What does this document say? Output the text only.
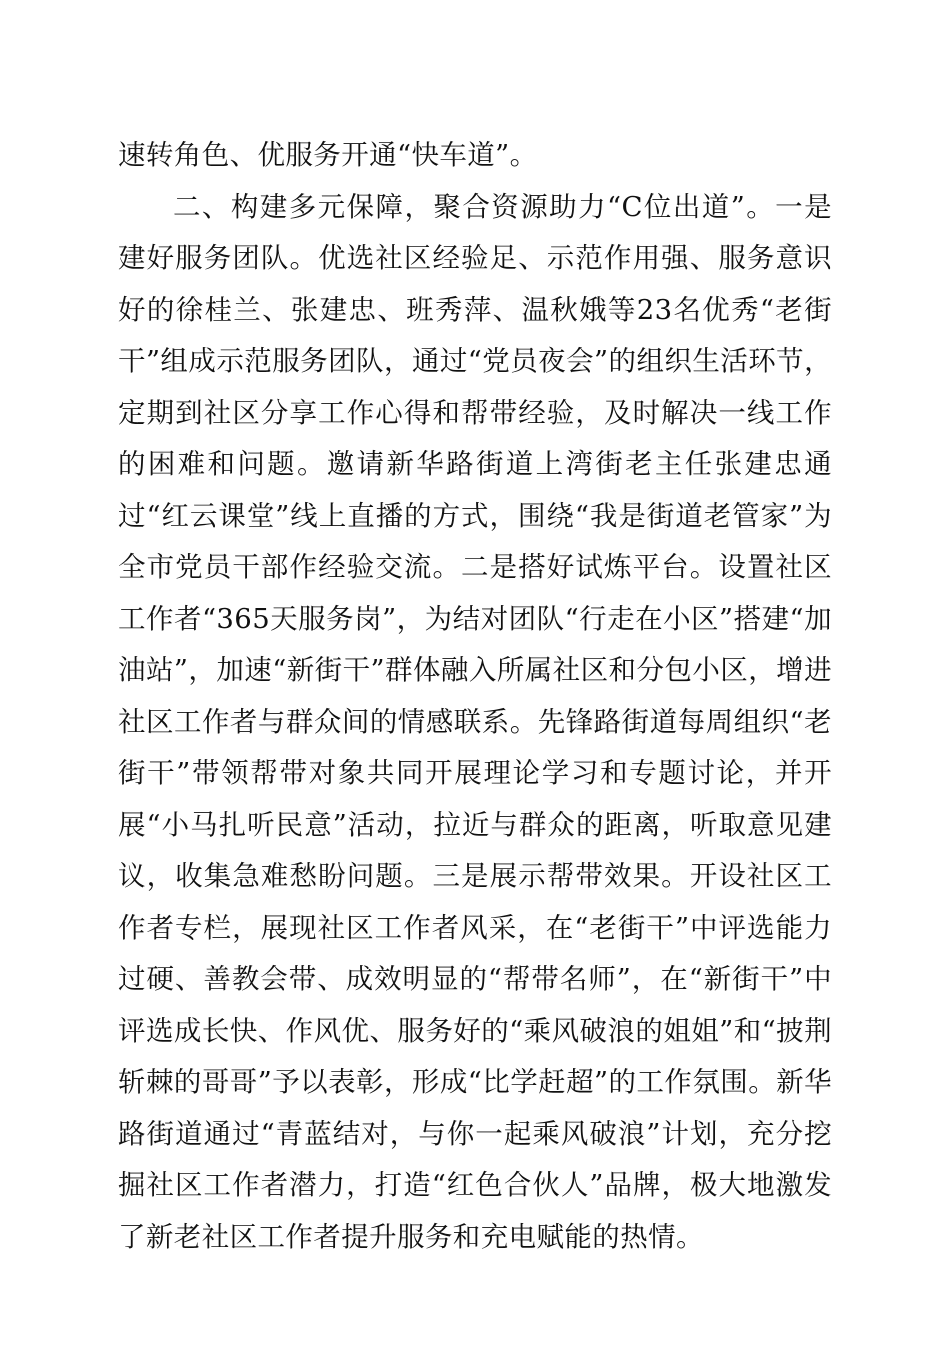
速转角色、优服务开通“快车道”。

二、构建多元保障，聚合资源助力“C位出道”。一是建好服务团队。优选社区经验足、示范作用强、服务意识好的徐桂兰、张建忠、班秀萍、温秋娥等23名优秀“老街干”组成示范服务团队，通过“党员夜会”的组织生活环节，定期到社区分享工作心得和帮带经验，及时解决一线工作的困难和问题。邀请新华路街道上湾街老主任张建忠通过“红云课堂”线上直播的方式，围绕“我是街道老管家”为全市党员干部作经验交流。二是搭好试炼平台。设置社区工作者“365天服务岗”，为结对团队“行走在小区”搭建“加油站”，加速“新街干”群体融入所属社区和分包小区，增进社区工作者与群众间的情感联系。先锋路街道每周组织“老街干”带领帮带对象共同开展理论学习和专题讨论，并开展“小马扎听民意”活动，拉近与群众的距离，听取意见建议，收集急难愁盼问题。三是展示帮带效果。开设社区工作者专栏，展现社区工作者风采，在“老街干”中评选能力过硬、善教会带、成效明显的“帮带名师”，在“新街干”中评选成长快、作风优、服务好的“乘风破浪的姐姐”和“披荆斩棘的哥哥”予以表彰，形成“比学赶超”的工作氛围。新华路街道通过“青蓝结对，与你一起乘风破浪”计划，充分挖掘社区工作者潜力，打造“红色合伙人”品牌，极大地激发了新老社区工作者提升服务和充电赋能的热情。
